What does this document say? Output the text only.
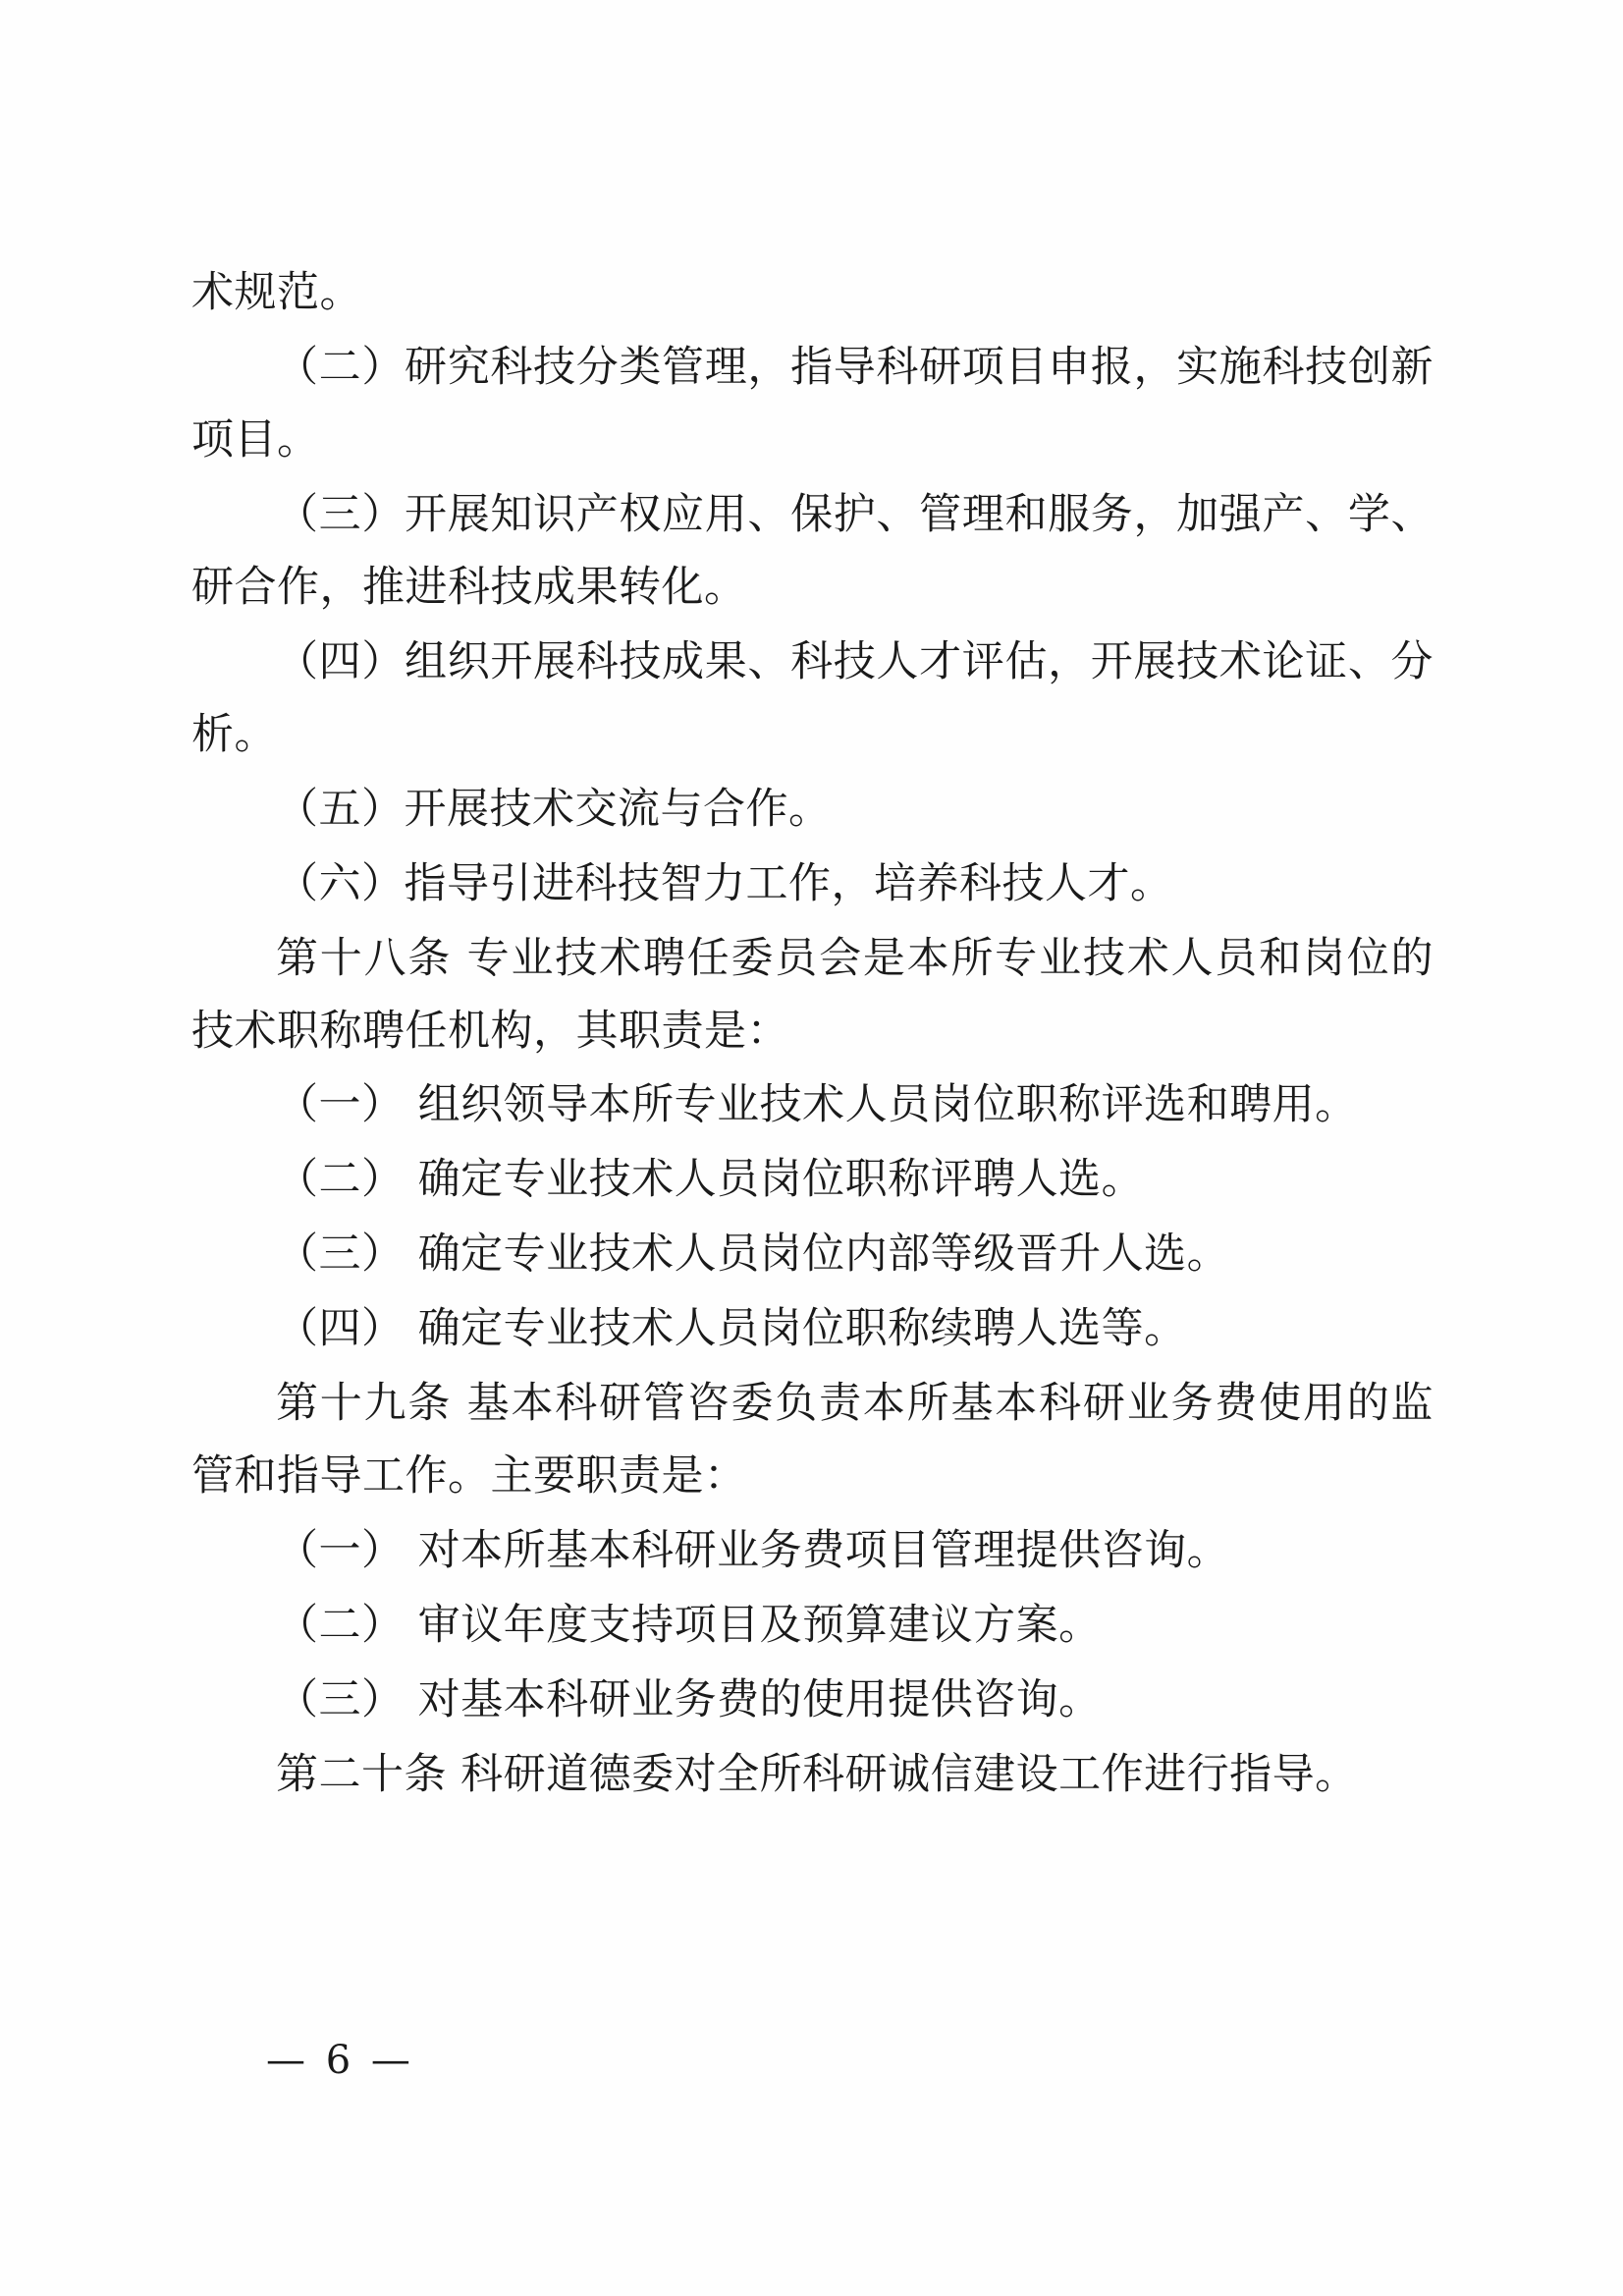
术规范。

（二）研究科技分类管理，指导科研项目申报，实施科技创新项目。

（三）开展知识产权应用、保护、管理和服务，加强产、学、研合作，推进科技成果转化。

（四）组织开展科技成果、科技人才评估，开展技术论证、分析。

（五）开展技术交流与合作。

（六）指导引进科技智力工作，培养科技人才。

第十八条 专业技术聘任委员会是本所专业技术人员和岗位的技术职称聘任机构，其职责是：

（一） 组织领导本所专业技术人员岗位职称评选和聘用。

（二） 确定专业技术人员岗位职称评聘人选。

（三） 确定专业技术人员岗位内部等级晋升人选。

（四） 确定专业技术人员岗位职称续聘人选等。

第十九条 基本科研管咨委负责本所基本科研业务费使用的监管和指导工作。主要职责是：

（一） 对本所基本科研业务费项目管理提供咨询。

（二） 审议年度支持项目及预算建议方案。

（三） 对基本科研业务费的使用提供咨询。

第二十条 科研道德委对全所科研诚信建设工作进行指导。

— 6 —
